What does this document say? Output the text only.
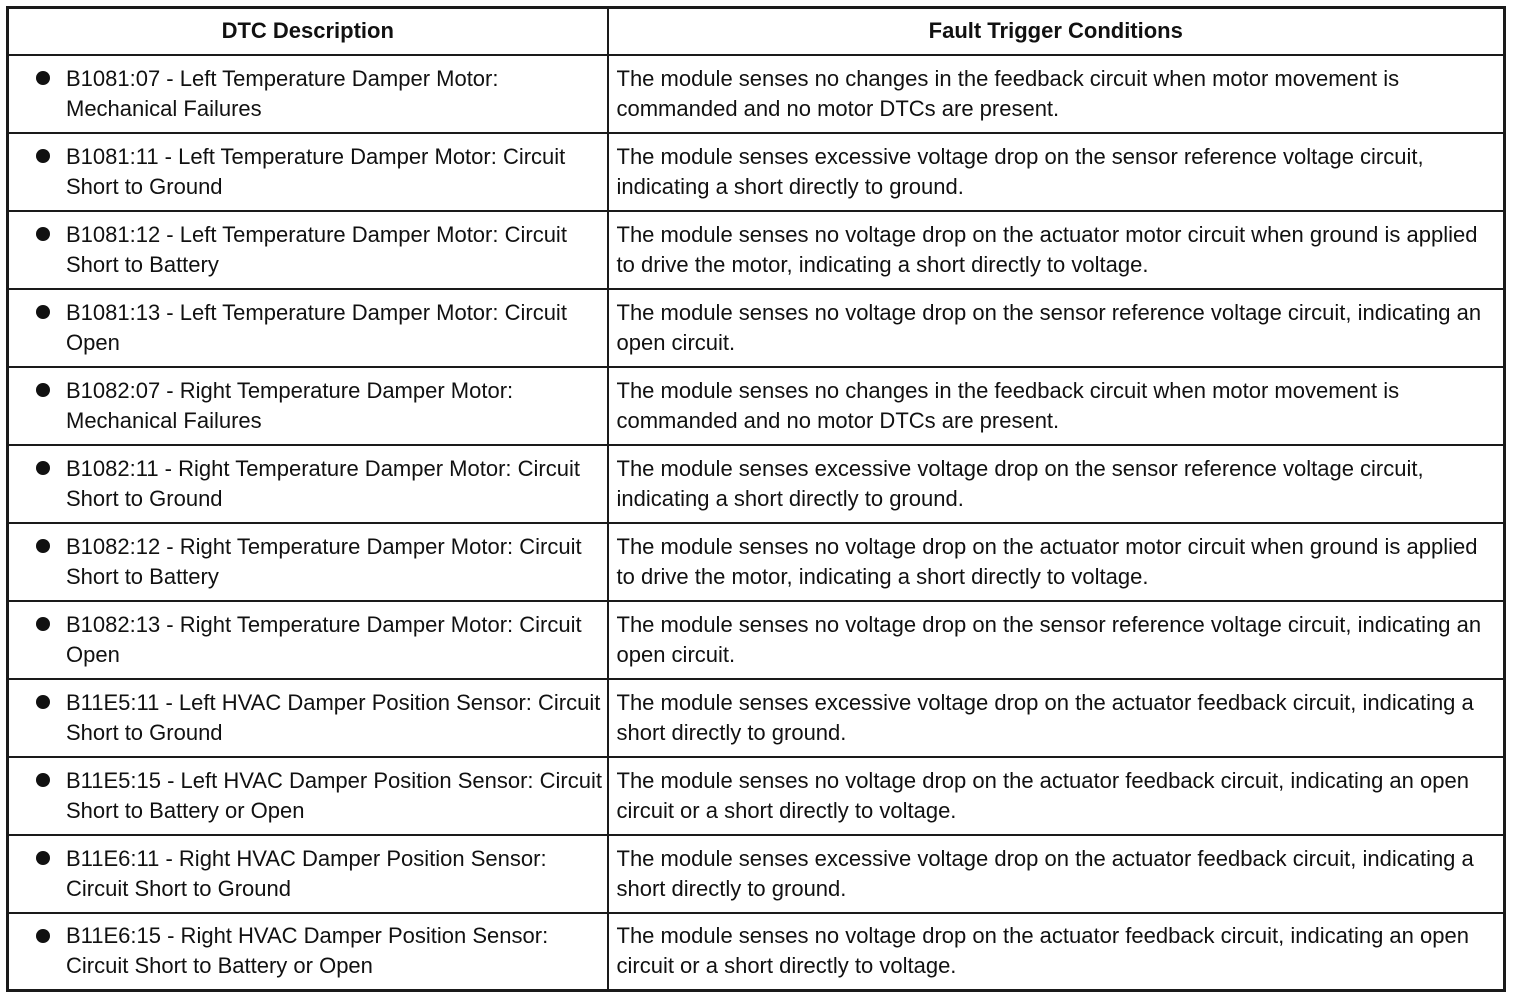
DTC Description	Fault Trigger Conditions

B1081:07 - Left Temperature Damper Motor: Mechanical Failures	The module senses no changes in the feedback circuit when motor movement is commanded and no motor DTCs are present.

B1081:11 - Left Temperature Damper Motor: Circuit Short to Ground	The module senses excessive voltage drop on the sensor reference voltage circuit, indicating a short directly to ground.

B1081:12 - Left Temperature Damper Motor: Circuit Short to Battery	The module senses no voltage drop on the actuator motor circuit when ground is applied to drive the motor, indicating a short directly to voltage.

B1081:13 - Left Temperature Damper Motor: Circuit Open	The module senses no voltage drop on the sensor reference voltage circuit, indicating an open circuit.

B1082:07 - Right Temperature Damper Motor: Mechanical Failures	The module senses no changes in the feedback circuit when motor movement is commanded and no motor DTCs are present.

B1082:11 - Right Temperature Damper Motor: Circuit Short to Ground	The module senses excessive voltage drop on the sensor reference voltage circuit, indicating a short directly to ground.

B1082:12 - Right Temperature Damper Motor: Circuit Short to Battery	The module senses no voltage drop on the actuator motor circuit when ground is applied to drive the motor, indicating a short directly to voltage.

B1082:13 - Right Temperature Damper Motor: Circuit Open	The module senses no voltage drop on the sensor reference voltage circuit, indicating an open circuit.

B11E5:11 - Left HVAC Damper Position Sensor: Circuit Short to Ground	The module senses excessive voltage drop on the actuator feedback circuit, indicating a short directly to ground.

B11E5:15 - Left HVAC Damper Position Sensor: Circuit Short to Battery or Open	The module senses no voltage drop on the actuator feedback circuit, indicating an open circuit or a short directly to voltage.

B11E6:11 - Right HVAC Damper Position Sensor: Circuit Short to Ground	The module senses excessive voltage drop on the actuator feedback circuit, indicating a short directly to ground.

B11E6:15 - Right HVAC Damper Position Sensor: Circuit Short to Battery or Open	The module senses no voltage drop on the actuator feedback circuit, indicating an open circuit or a short directly to voltage.
